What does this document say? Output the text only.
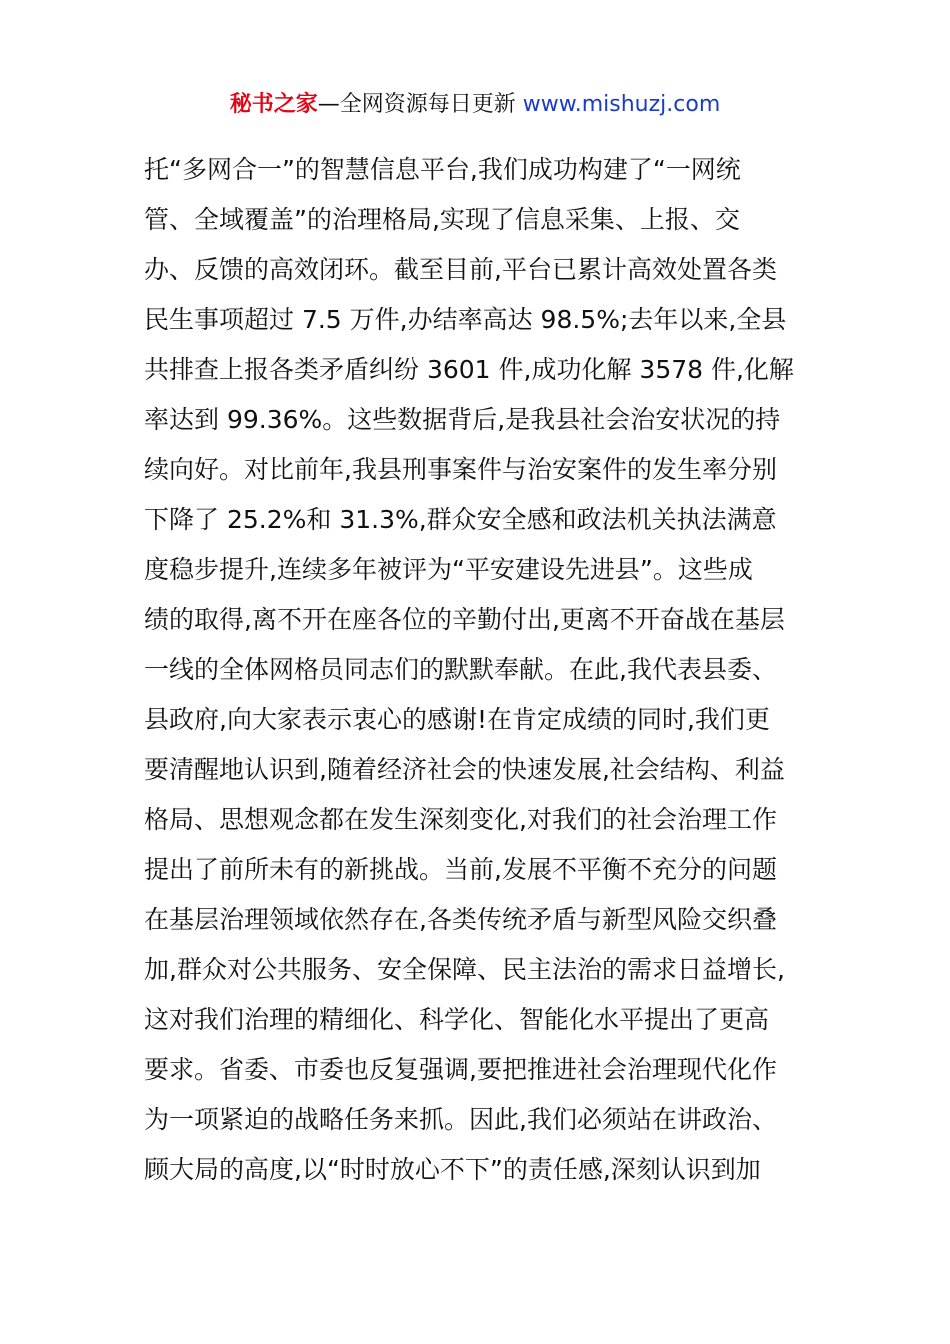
秘书之家—全网资源每日更新 www.mishuzj.com
托“多网合一”的智慧信息平台,我们成功构建了“一网统
管、全域覆盖”的治理格局,实现了信息采集、上报、交
办、反馈的高效闭环。截至目前,平台已累计高效处置各类
民生事项超过 7.5 万件,办结率高达 98.5%;去年以来,全县
共排查上报各类矛盾纠纷 3601 件,成功化解 3578 件,化解
率达到 99.36%。这些数据背后,是我县社会治安状况的持
续向好。对比前年,我县刑事案件与治安案件的发生率分别
下降了 25.2%和 31.3%,群众安全感和政法机关执法满意
度稳步提升,连续多年被评为“平安建设先进县”。这些成
绩的取得,离不开在座各位的辛勤付出,更离不开奋战在基层
一线的全体网格员同志们的默默奉献。在此,我代表县委、
县政府,向大家表示衷心的感谢!在肯定成绩的同时,我们更
要清醒地认识到,随着经济社会的快速发展,社会结构、利益
格局、思想观念都在发生深刻变化,对我们的社会治理工作
提出了前所未有的新挑战。当前,发展不平衡不充分的问题
在基层治理领域依然存在,各类传统矛盾与新型风险交织叠
加,群众对公共服务、安全保障、民主法治的需求日益增长,
这对我们治理的精细化、科学化、智能化水平提出了更高
要求。省委、市委也反复强调,要把推进社会治理现代化作
为一项紧迫的战略任务来抓。因此,我们必须站在讲政治、
顾大局的高度,以“时时放心不下”的责任感,深刻认识到加
